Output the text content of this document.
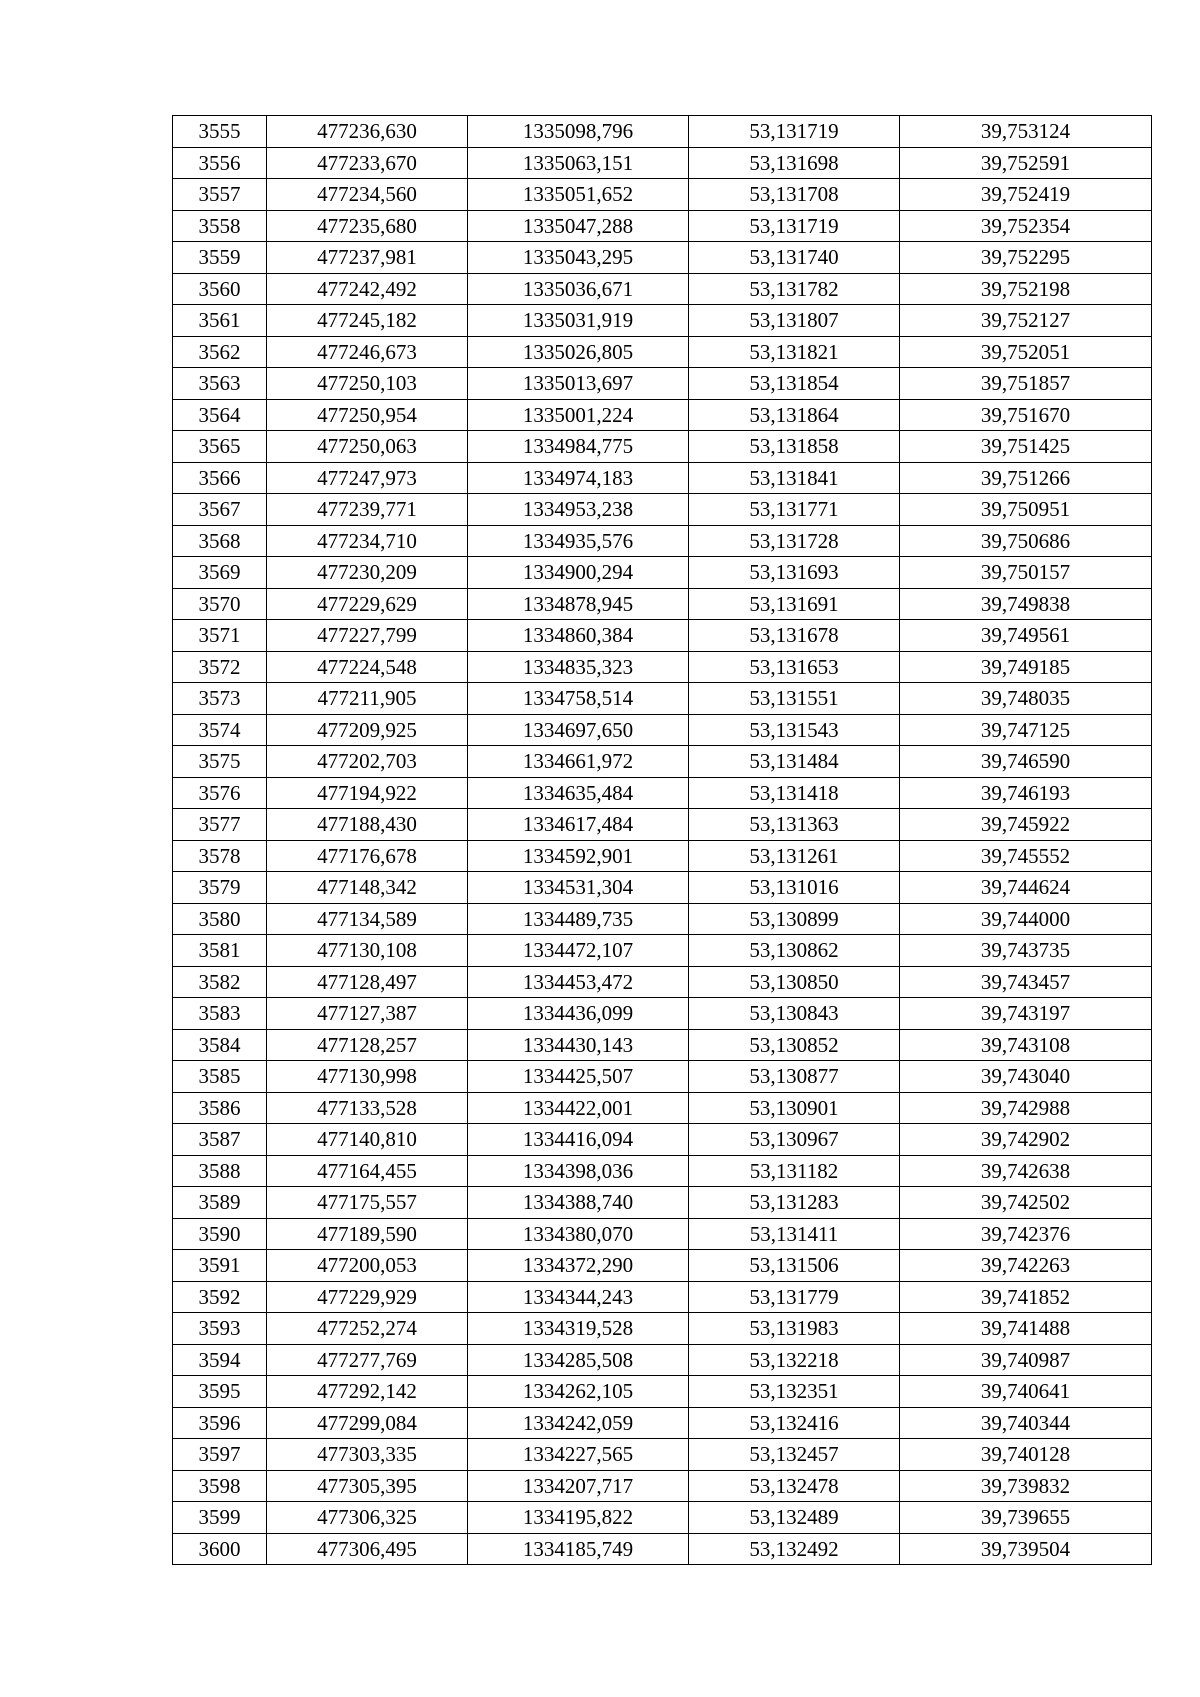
3555	477236,630	1335098,796	53,131719	39,753124
3556	477233,670	1335063,151	53,131698	39,752591
3557	477234,560	1335051,652	53,131708	39,752419
3558	477235,680	1335047,288	53,131719	39,752354
3559	477237,981	1335043,295	53,131740	39,752295
3560	477242,492	1335036,671	53,131782	39,752198
3561	477245,182	1335031,919	53,131807	39,752127
3562	477246,673	1335026,805	53,131821	39,752051
3563	477250,103	1335013,697	53,131854	39,751857
3564	477250,954	1335001,224	53,131864	39,751670
3565	477250,063	1334984,775	53,131858	39,751425
3566	477247,973	1334974,183	53,131841	39,751266
3567	477239,771	1334953,238	53,131771	39,750951
3568	477234,710	1334935,576	53,131728	39,750686
3569	477230,209	1334900,294	53,131693	39,750157
3570	477229,629	1334878,945	53,131691	39,749838
3571	477227,799	1334860,384	53,131678	39,749561
3572	477224,548	1334835,323	53,131653	39,749185
3573	477211,905	1334758,514	53,131551	39,748035
3574	477209,925	1334697,650	53,131543	39,747125
3575	477202,703	1334661,972	53,131484	39,746590
3576	477194,922	1334635,484	53,131418	39,746193
3577	477188,430	1334617,484	53,131363	39,745922
3578	477176,678	1334592,901	53,131261	39,745552
3579	477148,342	1334531,304	53,131016	39,744624
3580	477134,589	1334489,735	53,130899	39,744000
3581	477130,108	1334472,107	53,130862	39,743735
3582	477128,497	1334453,472	53,130850	39,743457
3583	477127,387	1334436,099	53,130843	39,743197
3584	477128,257	1334430,143	53,130852	39,743108
3585	477130,998	1334425,507	53,130877	39,743040
3586	477133,528	1334422,001	53,130901	39,742988
3587	477140,810	1334416,094	53,130967	39,742902
3588	477164,455	1334398,036	53,131182	39,742638
3589	477175,557	1334388,740	53,131283	39,742502
3590	477189,590	1334380,070	53,131411	39,742376
3591	477200,053	1334372,290	53,131506	39,742263
3592	477229,929	1334344,243	53,131779	39,741852
3593	477252,274	1334319,528	53,131983	39,741488
3594	477277,769	1334285,508	53,132218	39,740987
3595	477292,142	1334262,105	53,132351	39,740641
3596	477299,084	1334242,059	53,132416	39,740344
3597	477303,335	1334227,565	53,132457	39,740128
3598	477305,395	1334207,717	53,132478	39,739832
3599	477306,325	1334195,822	53,132489	39,739655
3600	477306,495	1334185,749	53,132492	39,739504
